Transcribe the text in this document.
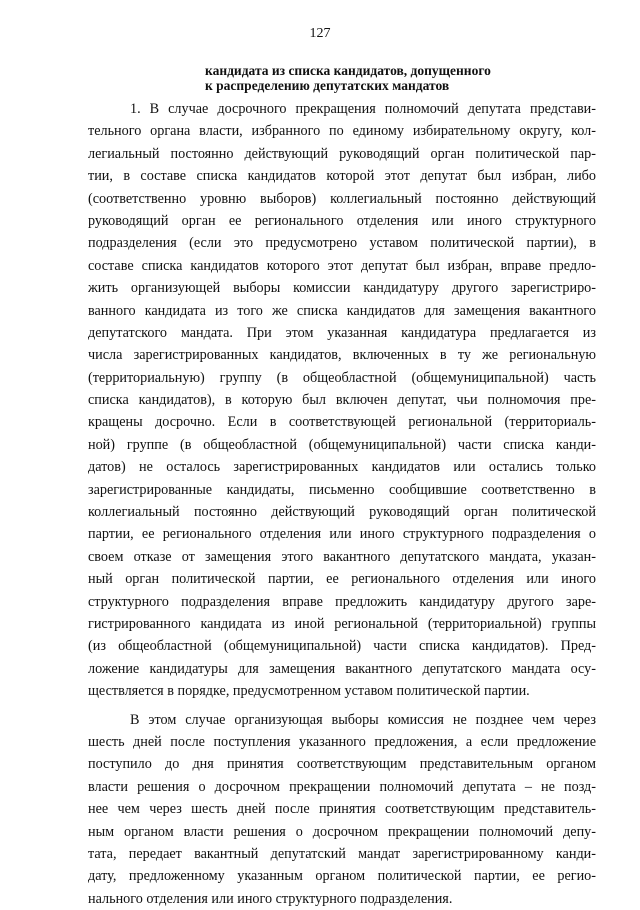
127
кандидата из списка кандидатов, допущенного
к распределению депутатских мандатов
1. В случае досрочного прекращения полномочий депутата представи-
тельного органа власти, избранного по единому избирательному округу, кол-
легиальный постоянно действующий руководящий орган политической пар-
тии, в составе списка кандидатов которой этот депутат был избран, либо
(соответственно уровню выборов) коллегиальный постоянно действующий
руководящий орган ее регионального отделения или иного структурного
подразделения (если это предусмотрено уставом политической партии), в
составе списка кандидатов которого этот депутат был избран, вправе предло-
жить организующей выборы комиссии кандидатуру другого зарегистриро-
ванного кандидата из того же списка кандидатов для замещения вакантного
депутатского мандата. При этом указанная кандидатура предлагается из
числа зарегистрированных кандидатов, включенных в ту же региональную
(территориальную) группу (в общеобластной (общемуниципальной) часть
списка кандидатов), в которую был включен депутат, чьи полномочия пре-
кращены досрочно. Если в соответствующей региональной (территориаль-
ной) группе (в общеобластной (общемуниципальной) части списка канди-
датов) не осталось зарегистрированных кандидатов или остались только
зарегистрированные кандидаты, письменно сообщившие соответственно в
коллегиальный постоянно действующий руководящий орган политической
партии, ее регионального отделения или иного структурного подразделения о
своем отказе от замещения этого вакантного депутатского мандата, указан-
ный орган политической партии, ее регионального отделения или иного
структурного подразделения вправе предложить кандидатуру другого заре-
гистрированного кандидата из иной региональной (территориальной) группы
(из общеобластной (общемуниципальной) части списка кандидатов). Пред-
ложение кандидатуры для замещения вакантного депутатского мандата осу-
ществляется в порядке, предусмотренном уставом политической партии.
В этом случае организующая выборы комиссия не позднее чем через
шесть дней после поступления указанного предложения, а если предложение
поступило до дня принятия соответствующим представительным органом
власти решения о досрочном прекращении полномочий депутата – не позд-
нее чем через шесть дней после принятия соответствующим представитель-
ным органом власти решения о досрочном прекращении полномочий депу-
тата, передает вакантный депутатский мандат зарегистрированному канди-
дату, предложенному указанным органом политической партии, ее регио-
нального отделения или иного структурного подразделения.
